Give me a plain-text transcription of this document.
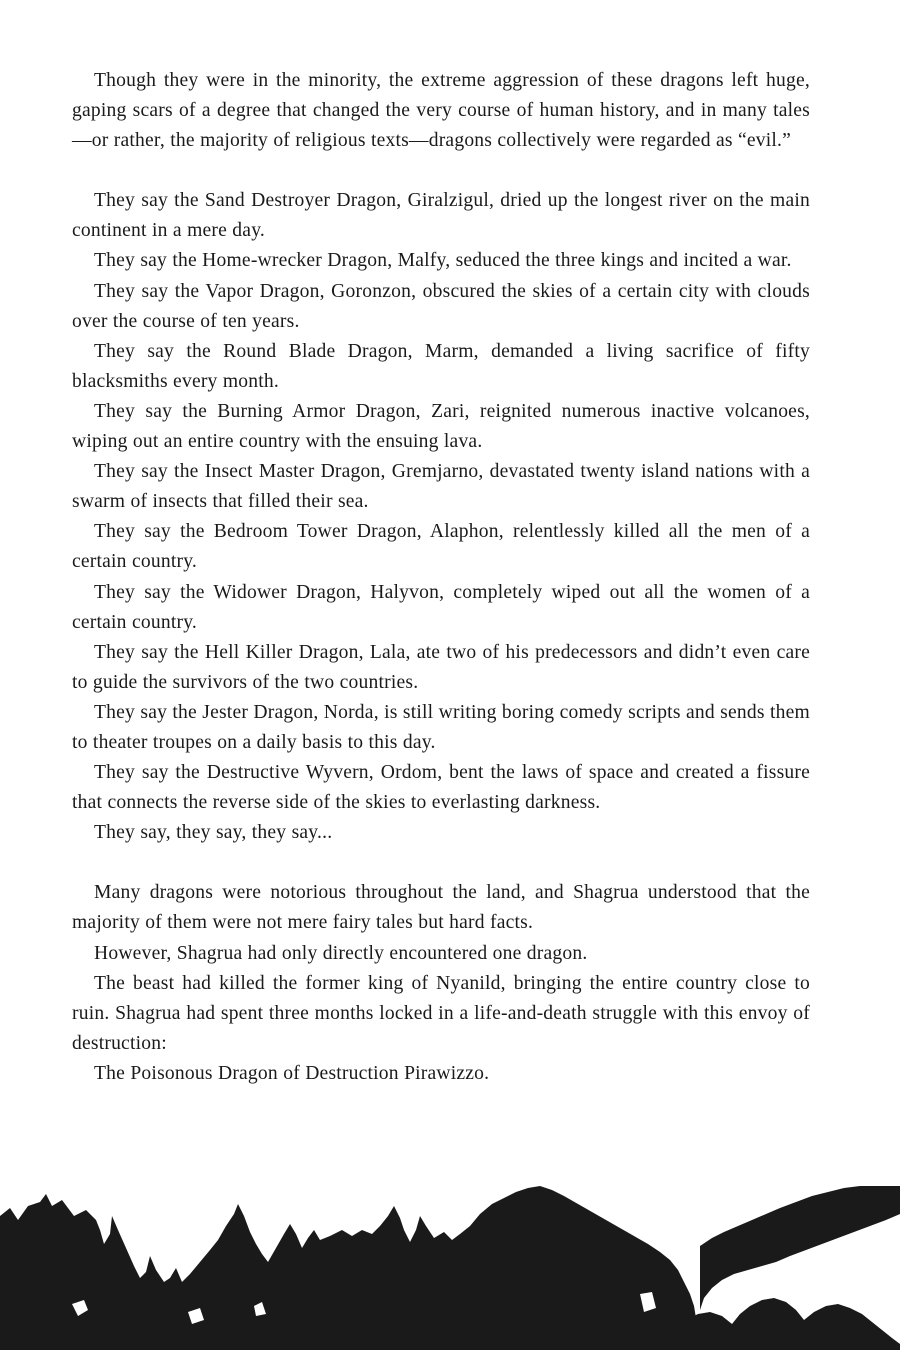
Though they were in the minority, the extreme aggression of these dragons left huge, gaping scars of a degree that changed the very course of human history, and in many tales—or rather, the majority of religious texts—dragons collectively were regarded as “evil.”

They say the Sand Destroyer Dragon, Giralzigul, dried up the longest river on the main continent in a mere day.

They say the Home-wrecker Dragon, Malfy, seduced the three kings and incited a war.

They say the Vapor Dragon, Goronzon, obscured the skies of a certain city with clouds over the course of ten years.

They say the Round Blade Dragon, Marm, demanded a living sacrifice of fifty blacksmiths every month.

They say the Burning Armor Dragon, Zari, reignited numerous inactive volcanoes, wiping out an entire country with the ensuing lava.

They say the Insect Master Dragon, Gremjarno, devastated twenty island nations with a swarm of insects that filled their sea.

They say the Bedroom Tower Dragon, Alaphon, relentlessly killed all the men of a certain country.

They say the Widower Dragon, Halyvon, completely wiped out all the women of a certain country.

They say the Hell Killer Dragon, Lala, ate two of his predecessors and didn’t even care to guide the survivors of the two countries.

They say the Jester Dragon, Norda, is still writing boring comedy scripts and sends them to theater troupes on a daily basis to this day.

They say the Destructive Wyvern, Ordom, bent the laws of space and created a fissure that connects the reverse side of the skies to everlasting darkness.

They say, they say, they say...

Many dragons were notorious throughout the land, and Shagrua understood that the majority of them were not mere fairy tales but hard facts.

However, Shagrua had only directly encountered one dragon.

The beast had killed the former king of Nyanild, bringing the entire country close to ruin. Shagrua had spent three months locked in a life-and-death struggle with this envoy of destruction:

The Poisonous Dragon of Destruction Pirawizzo.
